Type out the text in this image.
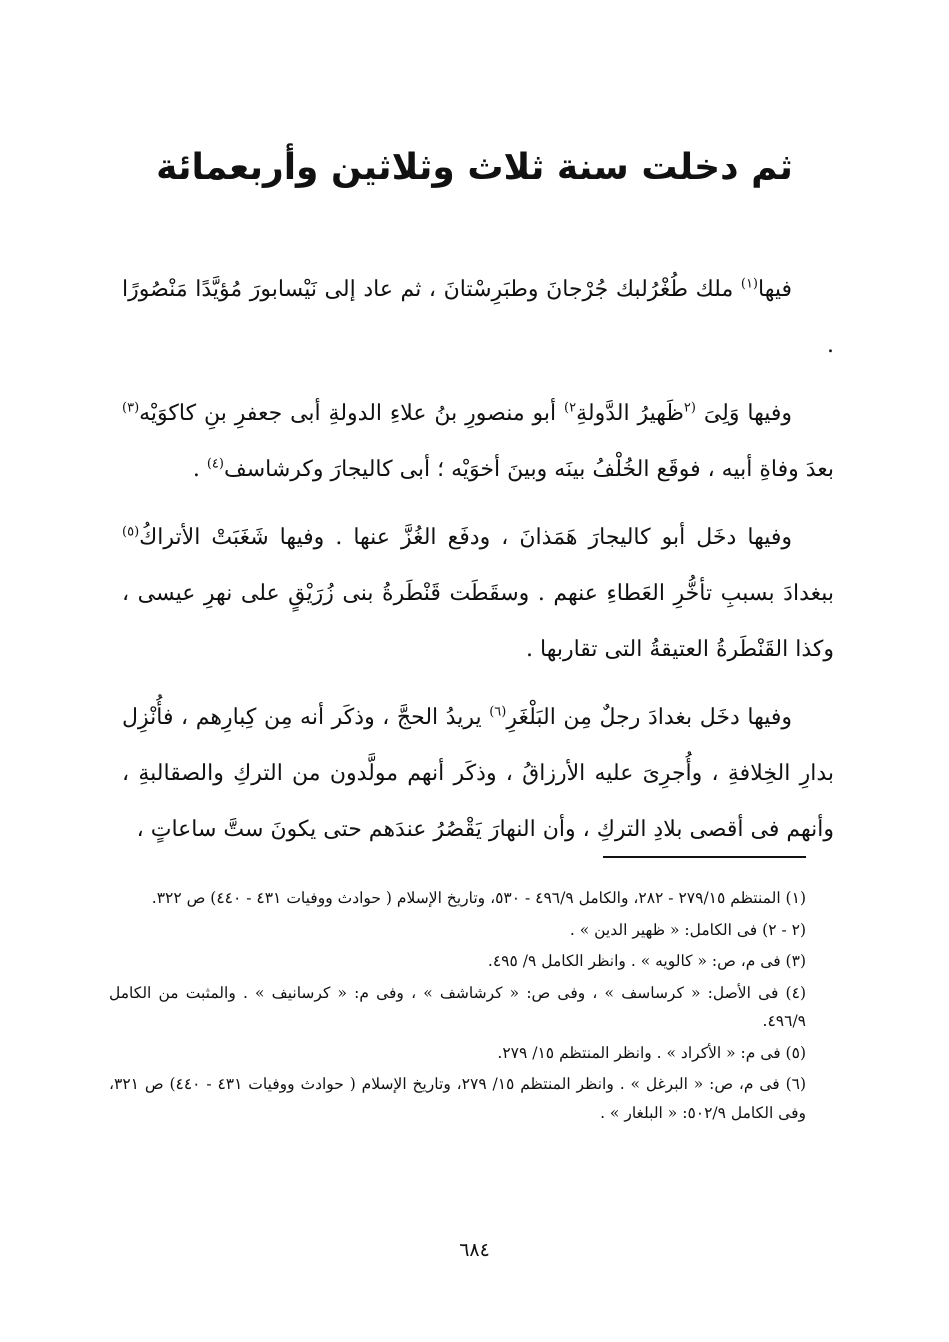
ثم دخلت سنة ثلاث وثلاثين وأربعمائة

فيها$^{(١)}$ ملك طُغْرُلبك جُرْجانَ وطبَرِسْتانَ ، ثم عاد إلى نَيْسابورَ مُؤيَّدًا مَنْصُورًا .

وفيها وَلِىَ $^{(٢}$ظَهيرُ الدَّولةِ$^{٢)}$ أبو منصورِ بنُ علاءِ الدولةِ أبى جعفرِ بنِ كاكوَيْه$^{(٣)}$ بعدَ وفاةِ أبيه ، فوقَع الخُلْفُ بينَه وبينَ أخوَيْه ؛ أبى كاليجارَ وكرشاسف$^{(٤)}$ .

وفيها دخَل أبو كاليجارَ هَمَذانَ ، ودفَع الغُزَّ عنها . وفيها شَغَبَتْ الأتراكُ$^{(٥)}$ ببغدادَ بسببِ تأخُّرِ العَطاءِ عنهم . وسقَطَت قَنْطَرةُ بنى زُرَيْقٍ على نهرِ عيسى ، وكذا القَنْطَرةُ العتيقةُ التى تقاربها .

وفيها دخَل بغدادَ رجلٌ مِن البَلْغَرِ$^{(٦)}$ يريدُ الحجَّ ، وذكَر أنه مِن كِبارِهم ، فأُنْزِل بدارِ الخِلافةِ ، وأُجرِىَ عليه الأرزاقُ ، وذكَر أنهم مولَّدون من التركِ والصقالبةِ ، وأنهم فى أقصى بلادِ التركِ ، وأن النهارَ يَقْصُرُ عندَهم حتى يكونَ ستَّ ساعاتٍ ،

(١) المنتظم ٢٧٩/١٥ - ٢٨٢، والكامل ٤٩٦/٩ - ٥٣٠، وتاريخ الإسلام ( حوادث ووفيات ٤٣١ - ٤٤٠) ص ٣٢٢.

(٢ - ٢) فى الكامل: « ظهير الدين » .

(٣) فى م، ص: « كالويه » . وانظر الكامل ٩/ ٤٩٥.

(٤) فى الأصل: « كرساسف » ، وفى ص: « كرشاشف » ، وفى م: « كرسانيف » . والمثبت من الكامل ٤٩٦/٩.

(٥) فى م: « الأكراد » . وانظر المنتظم ١٥/ ٢٧٩.

(٦) فى م، ص: « البرغل » . وانظر المنتظم ١٥/ ٢٧٩، وتاريخ الإسلام ( حوادث ووفيات ٤٣١ - ٤٤٠) ص ٣٢١، وفى الكامل ٥٠٢/٩: « البلغار » .

٦٨٤
